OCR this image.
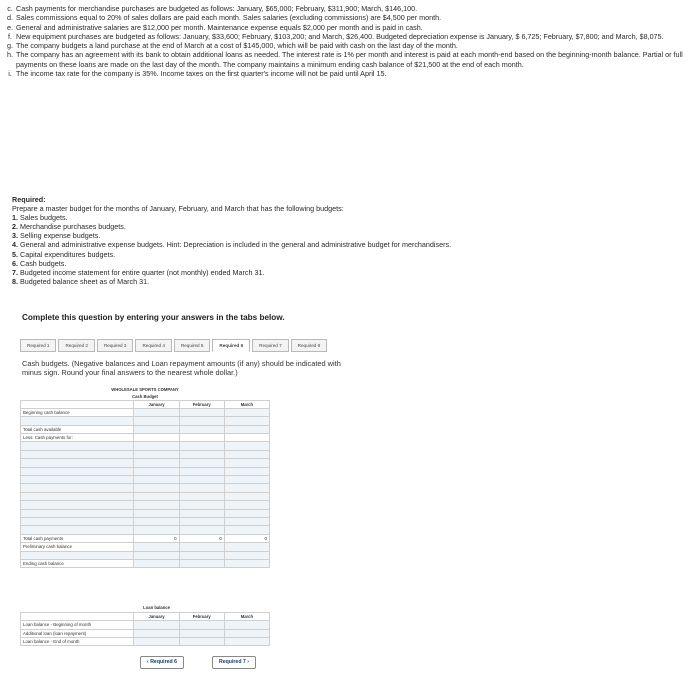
c. Cash payments for merchandise purchases are budgeted as follows: January, $65,000; February, $311,900; March, $146,100.
d. Sales commissions equal to 20% of sales dollars are paid each month. Sales salaries (excluding commissions) are $4,500 per month.
e. General and administrative salaries are $12,000 per month. Maintenance expense equals $2,000 per month and is paid in cash.
f. New equipment purchases are budgeted as follows: January, $33,600; February, $103,200; and March, $26,400. Budgeted depreciation expense is January, $ 6,725; February, $7,800; and March, $8,075.
g. The company budgets a land purchase at the end of March at a cost of $145,000, which will be paid with cash on the last day of the month.
h. The company has an agreement with its bank to obtain additional loans as needed. The interest rate is 1% per month and interest is paid at each month-end based on the beginning-month balance. Partial or full payments on these loans are made on the last day of the month. The company maintains a minimum ending cash balance of $21,500 at the end of each month.
i. The income tax rate for the company is 35%. Income taxes on the first quarter's income will not be paid until April 15.
Required:
Prepare a master budget for the months of January, February, and March that has the following budgets:
1. Sales budgets.
2. Merchandise purchases budgets.
3. Selling expense budgets.
4. General and administrative expense budgets. Hint: Depreciation is included in the general and administrative budget for merchandisers.
5. Capital expenditures budgets.
6. Cash budgets.
7. Budgeted income statement for entire quarter (not monthly) ended March 31.
8. Budgeted balance sheet as of March 31.
Complete this question by entering your answers in the tabs below.
Required 1	Required 2	Required 3	Required 4	Required 5	Required 6	Required 7	Required 8
Cash budgets. (Negative balances and Loan repayment amounts (if any) should be indicated with minus sign. Round your final answers to the nearest whole dollar.)
WHOLESALE SPORTS COMPANY			
Cash Budget			
	January	February	March
Beginning cash balance			

Total cash available			
Less: Cash payments for:			

Total cash payments	0	0	0
Preliminary cash balance			

Ending cash balance			
	Loan balance		
	January	February	March
Loan balance - Beginning of month			
Additional loan (loan repayment)			
Loan balance - End of month			
‹ Required 6	Required 7 ›
